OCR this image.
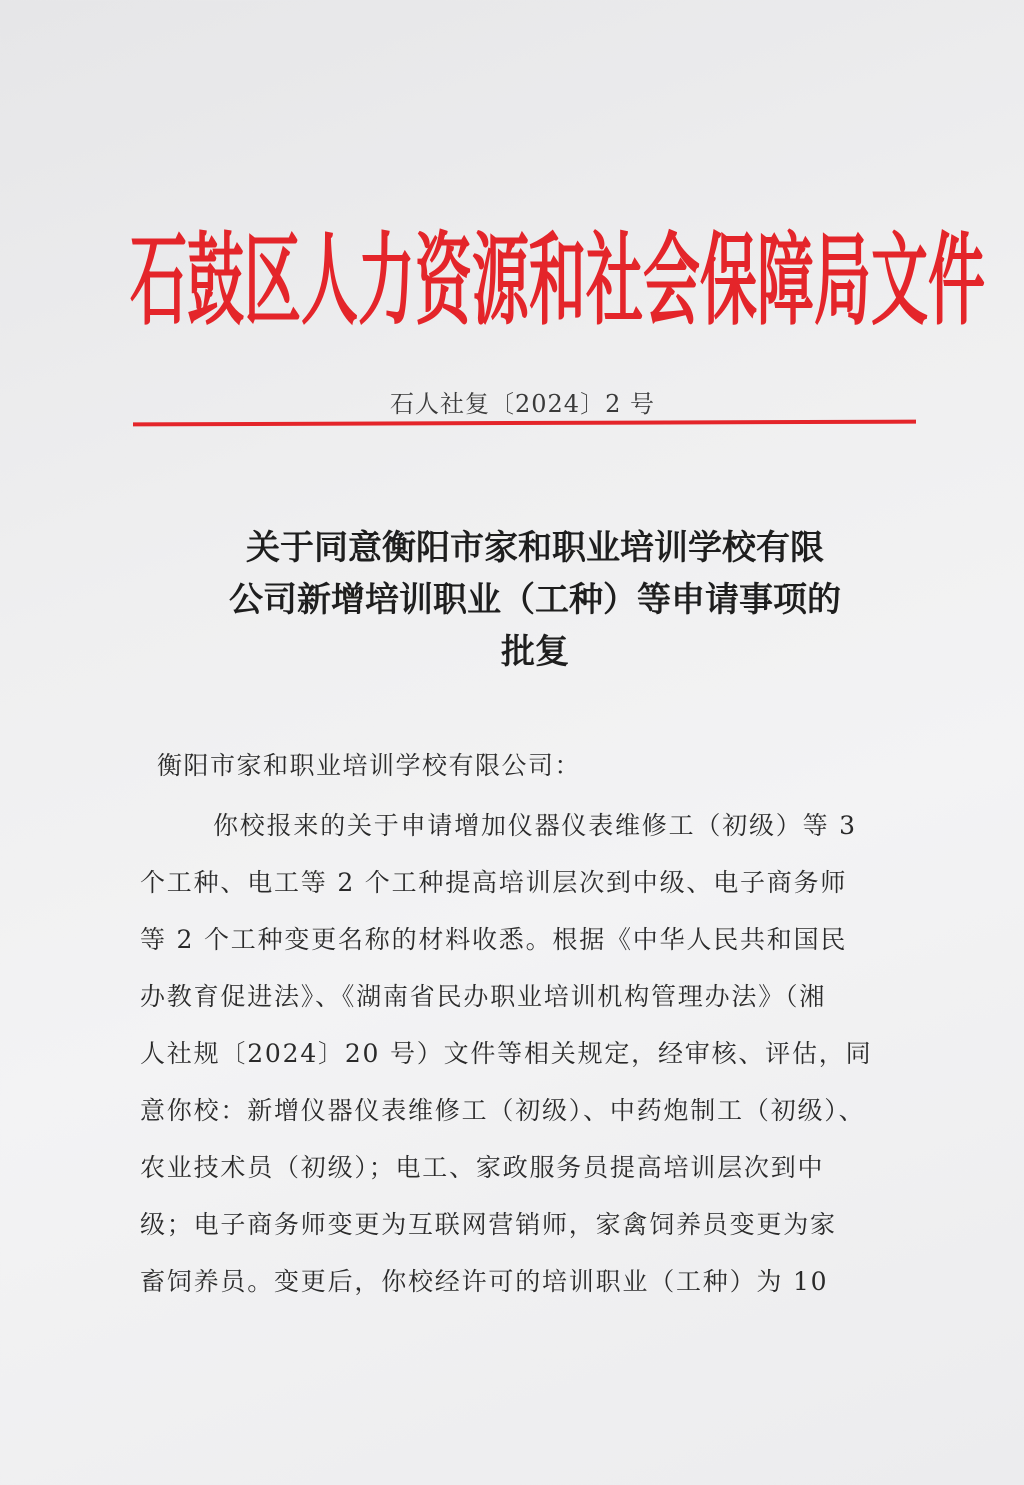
石鼓区人力资源和社会保障局文件
石人社复〔2024〕2 号
关于同意衡阳市家和职业培训学校有限
公司新增培训职业（工种）等申请事项的
批复
衡阳市家和职业培训学校有限公司：
你校报来的关于申请增加仪器仪表维修工（初级）等 3
个工种、电工等 2 个工种提高培训层次到中级、电子商务师
等 2 个工种变更名称的材料收悉。根据《中华人民共和国民
办教育促进法》、《湖南省民办职业培训机构管理办法》（湘
人社规〔2024〕20 号）文件等相关规定，经审核、评估，同
意你校：新增仪器仪表维修工（初级）、中药炮制工（初级）、
农业技术员（初级）；电工、家政服务员提高培训层次到中
级；电子商务师变更为互联网营销师，家禽饲养员变更为家
畜饲养员。变更后，你校经许可的培训职业（工种）为 10
